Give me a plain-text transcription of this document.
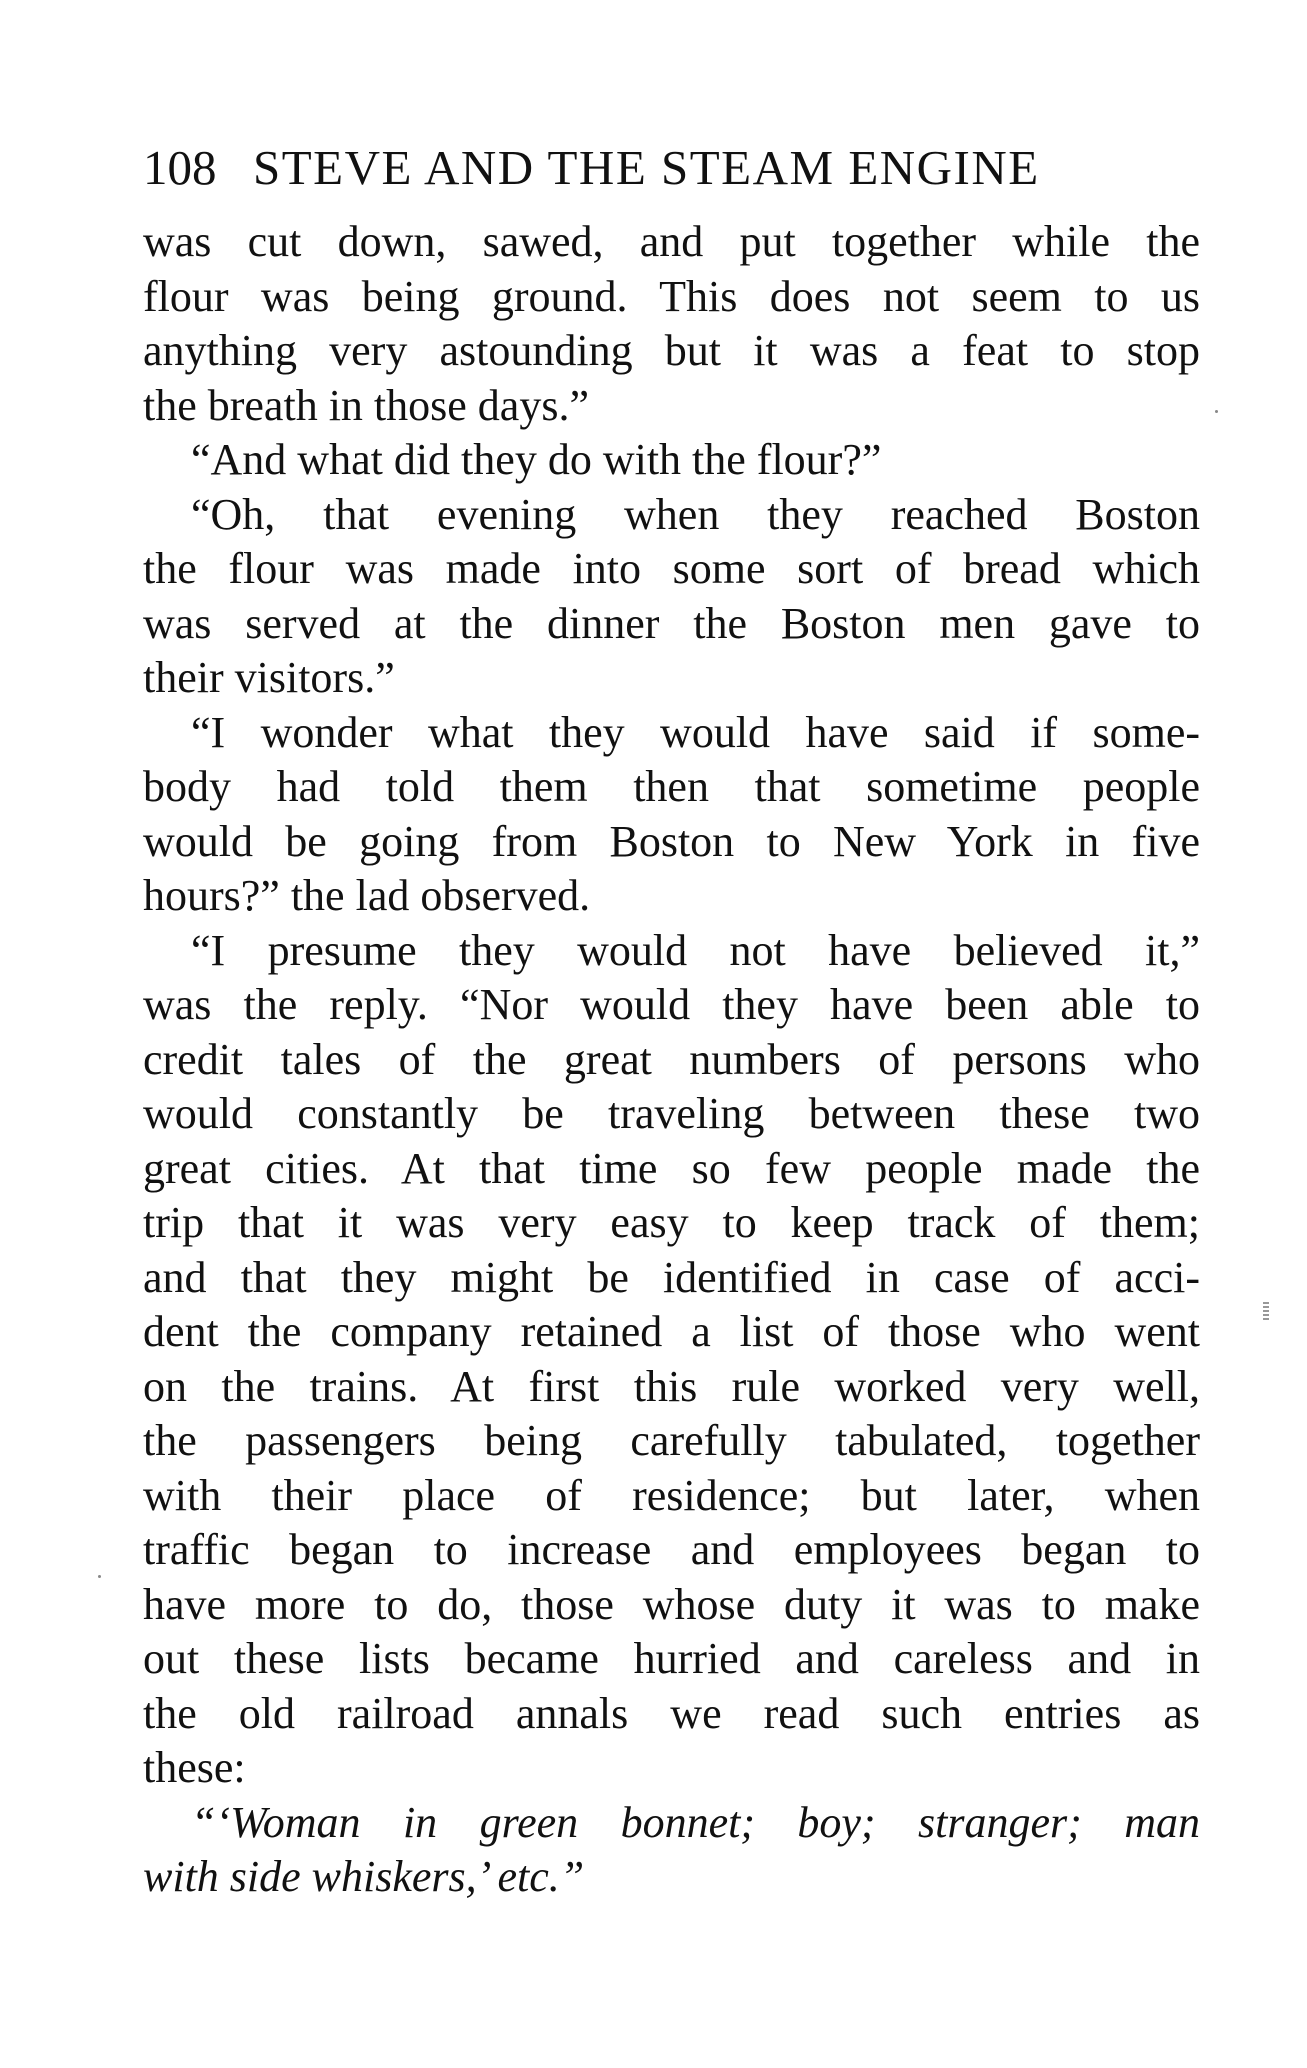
108 STEVE AND THE STEAM ENGINE
was cut down, sawed, and put together while the
flour was being ground. This does not seem to us
anything very astounding but it was a feat to stop
the breath in those days.”
“And what did they do with the flour?”
“Oh, that evening when they reached Boston
the flour was made into some sort of bread which
was served at the dinner the Boston men gave to
their visitors.”
“I wonder what they would have said if some-
body had told them then that sometime people
would be going from Boston to New York in five
hours?” the lad observed.
“I presume they would not have believed it,”
was the reply. “Nor would they have been able to
credit tales of the great numbers of persons who
would constantly be traveling between these two
great cities. At that time so few people made the
trip that it was very easy to keep track of them;
and that they might be identified in case of acci-
dent the company retained a list of those who went
on the trains. At first this rule worked very well,
the passengers being carefully tabulated, together
with their place of residence; but later, when
traffic began to increase and employees began to
have more to do, those whose duty it was to make
out these lists became hurried and careless and in
the old railroad annals we read such entries as
these:
“‘Woman in green bonnet; boy; stranger; man
with side whiskers,’ etc.”
